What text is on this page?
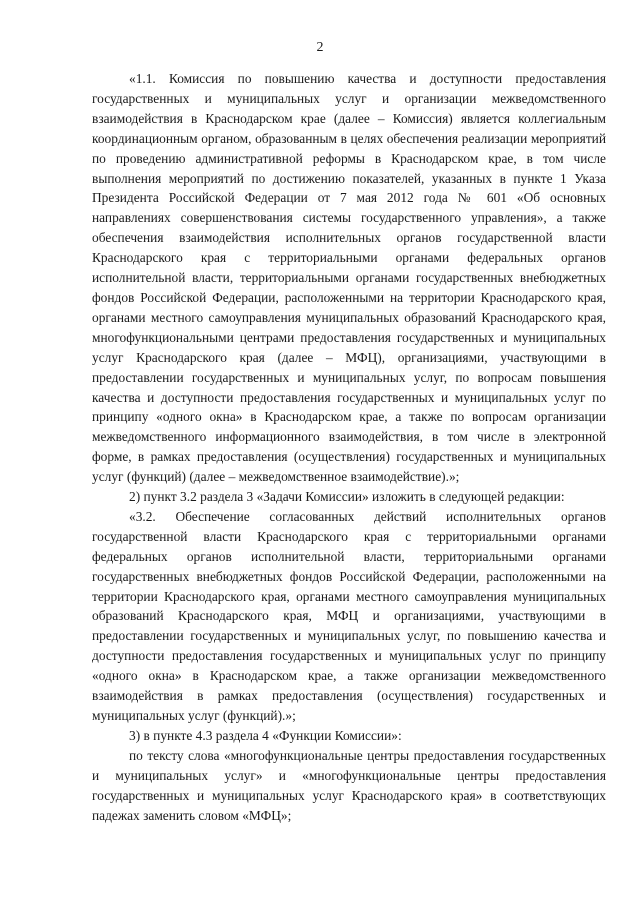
2

«1.1. Комиссия по повышению качества и доступности предоставления государственных и муниципальных услуг и организации межведомственного взаимодействия в Краснодарском крае (далее – Комиссия) является коллегиальным координационным органом, образованным в целях обеспечения реализации мероприятий по проведению административной реформы в Краснодарском крае, в том числе выполнения мероприятий по достижению показателей, указанных в пункте 1 Указа Президента Российской Федерации от 7 мая 2012 года № 601 «Об основных направлениях совершенствования системы государственного управления», а также обеспечения взаимодействия исполнительных органов государственной власти Краснодарского края с территориальными органами федеральных органов исполнительной власти, территориальными органами государственных внебюджетных фондов Российской Федерации, расположенными на территории Краснодарского края, органами местного самоуправления муниципальных образований Краснодарского края, многофункциональными центрами предоставления государственных и муниципальных услуг Краснодарского края (далее – МФЦ), организациями, участвующими в предоставлении государственных и муниципальных услуг, по вопросам повышения качества и доступности предоставления государственных и муниципальных услуг по принципу «одного окна» в Краснодарском крае, а также по вопросам организации межведомственного информационного взаимодействия, в том числе в электронной форме, в рамках предоставления (осуществления) государственных и муниципальных услуг (функций) (далее – межведомственное взаимодействие).»;

2) пункт 3.2 раздела 3 «Задачи Комиссии» изложить в следующей редакции:

«3.2. Обеспечение согласованных действий исполнительных органов государственной власти Краснодарского края с территориальными органами федеральных органов исполнительной власти, территориальными органами государственных внебюджетных фондов Российской Федерации, расположенными на территории Краснодарского края, органами местного самоуправления муниципальных образований Краснодарского края, МФЦ и организациями, участвующими в предоставлении государственных и муниципальных услуг, по повышению качества и доступности предоставления государственных и муниципальных услуг по принципу «одного окна» в Краснодарском крае, а также организации межведомственного взаимодействия в рамках предоставления (осуществления) государственных и муниципальных услуг (функций).»;

3) в пункте 4.3 раздела 4 «Функции Комиссии»:

по тексту слова «многофункциональные центры предоставления государственных и муниципальных услуг» и «многофункциональные центры предоставления государственных и муниципальных услуг Краснодарского края» в соответствующих падежах заменить словом «МФЦ»;
